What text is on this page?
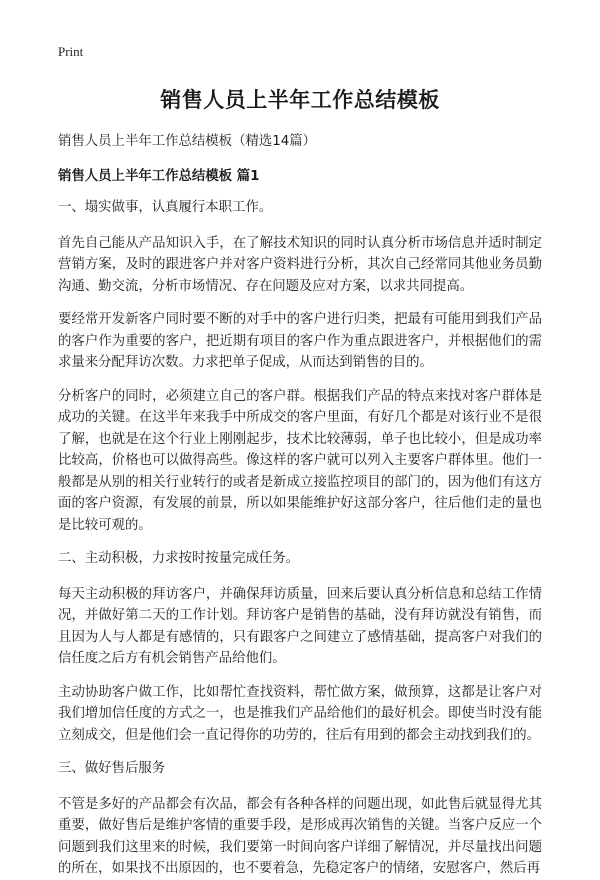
Print
销售人员上半年工作总结模板
销售人员上半年工作总结模板（精选14篇）
销售人员上半年工作总结模板 篇1

一、塌实做事，认真履行本职工作。

首先自己能从产品知识入手，在了解技术知识的同时认真分析市场信息并适时制定营销方案，及时的跟进客户并对客户资料进行分析，其次自己经常同其他业务员勤沟通、勤交流，分析市场情况、存在问题及应对方案，以求共同提高。

要经常开发新客户同时要不断的对手中的客户进行归类，把最有可能用到我们产品的客户作为重要的客户，把近期有项目的客户作为重点跟进客户，并根据他们的需求量来分配拜访次数。力求把单子促成，从而达到销售的目的。

分析客户的同时，必须建立自己的客户群。根据我们产品的特点来找对客户群体是成功的关键。在这半年来我手中所成交的客户里面，有好几个都是对该行业不是很了解，也就是在这个行业上刚刚起步，技术比较薄弱，单子也比较小，但是成功率比较高，价格也可以做得高些。像这样的客户就可以列入主要客户群体里。他们一般都是从别的相关行业转行的或者是新成立接监控项目的部门的，因为他们有这方面的客户资源，有发展的前景，所以如果能维护好这部分客户，往后他们走的量也是比较可观的。

二、主动积极，力求按时按量完成任务。

每天主动积极的拜访客户，并确保拜访质量，回来后要认真分析信息和总结工作情况，并做好第二天的工作计划。拜访客户是销售的基础，没有拜访就没有销售，而且因为人与人都是有感情的，只有跟客户之间建立了感情基础，提高客户对我们的信任度之后方有机会销售产品给他们。

主动协助客户做工作，比如帮忙查找资料，帮忙做方案，做预算，这都是让客户对我们增加信任度的方式之一，也是推我们产品给他们的最好机会。即使当时没有能立刻成交，但是他们会一直记得你的功劳的，往后有用到的都会主动找到我们的。

三、做好售后服务

不管是多好的产品都会有次品，都会有各种各样的问题出现，如此售后就显得尤其重要，做好售后是维护客情的重要手段，是形成再次销售的关键。当客户反应一个问题到我们这里来的时候，我们要第一时间向客户详细了解情况，并尽量找出问题的所在，如果找不出原因的，也不要着急，先稳定客户的情绪，安慰客户，然后再
